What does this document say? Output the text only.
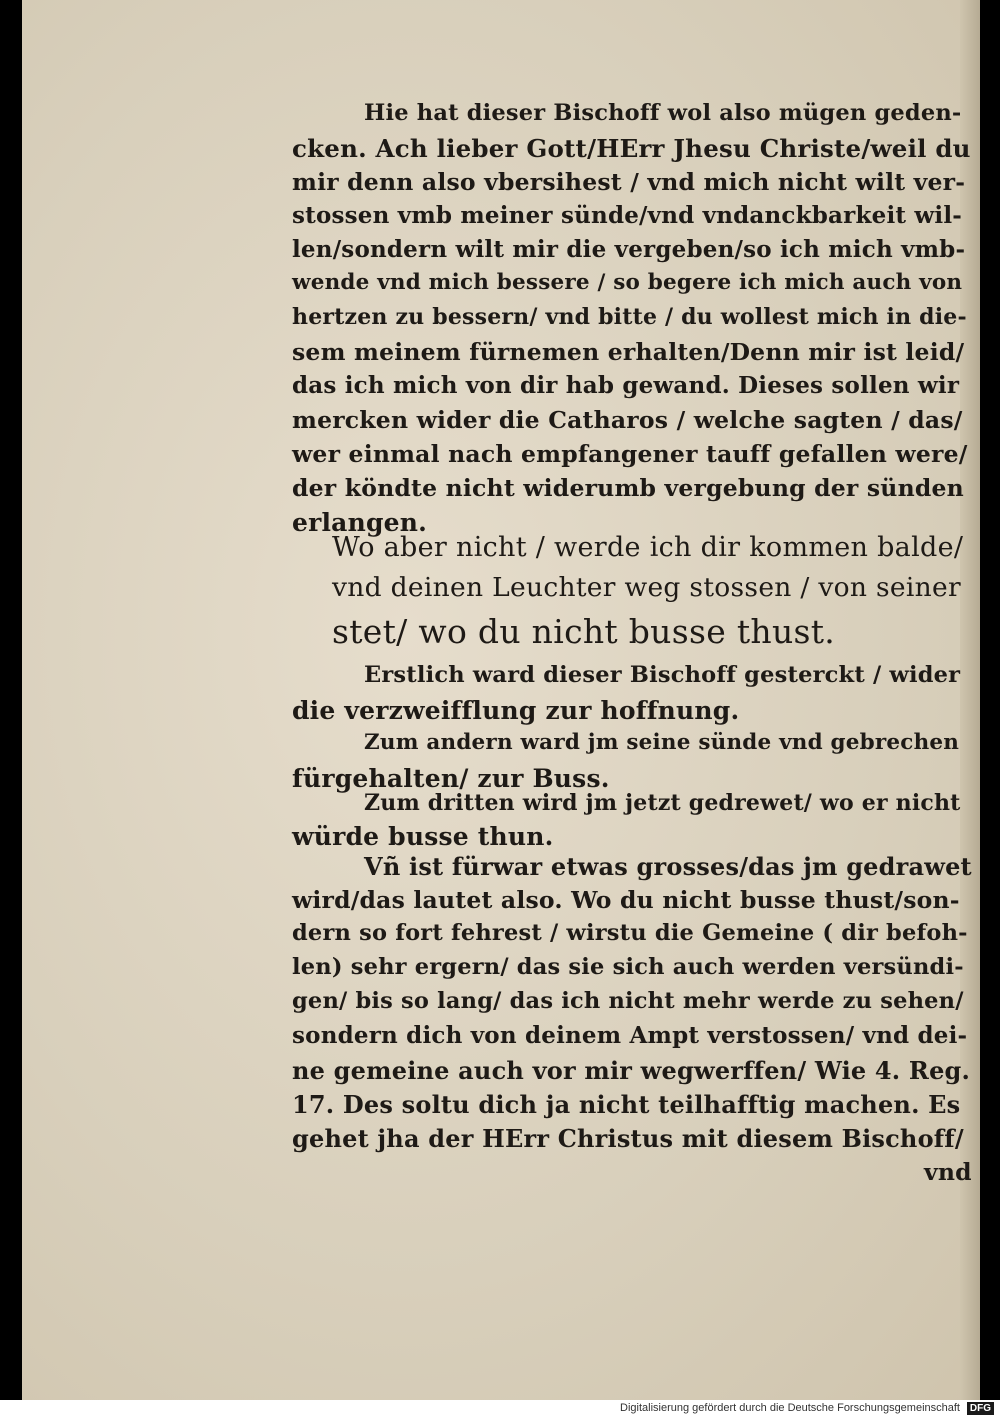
Hie hat dieser Bischoff wol also mügen geden-
cken. Ach lieber Gott/HErr Jhesu Christe/weil du
mir denn also vbersihest / vnd mich nicht wilt ver-
stossen vmb meiner sünde/vnd vndanckbarkeit wil-
len/sondern wilt mir die vergeben/so ich mich vmb-
wende vnd mich bessere / so begere ich mich auch von
hertzen zu bessern/ vnd bitte / du wollest mich in die-
sem meinem fürnemen erhalten/Denn mir ist leid/
das ich mich von dir hab gewand. Dieses sollen wir
mercken wider die Catharos / welche sagten / das/
wer einmal nach empfangener tauff gefallen were/
der köndte nicht widerumb vergebung der sünden
erlangen.
Wo aber nicht / werde ich dir kommen balde/
vnd deinen Leuchter weg stossen / von seiner
stet/ wo du nicht busse thust.
Erstlich ward dieser Bischoff gesterckt / wider
die verzweifflung zur hoffnung.
Zum andern ward jm seine sünde vnd gebrechen
fürgehalten/ zur Buss.
Zum dritten wird jm jetzt gedrewet/ wo er nicht
würde busse thun.
Vñ ist fürwar etwas grosses/das jm gedrawet
wird/das lautet also. Wo du nicht busse thust/son-
dern so fort fehrest / wirstu die Gemeine ( dir befoh-
len) sehr ergern/ das sie sich auch werden versündi-
gen/ bis so lang/ das ich nicht mehr werde zu sehen/
sondern dich von deinem Ampt verstossen/ vnd dei-
ne gemeine auch vor mir wegwerffen/ Wie 4. Reg.
17. Des soltu dich ja nicht teilhafftig machen. Es
gehet jha der HErr Christus mit diesem Bischoff/
vnd
Digitalisierung gefördert durch die Deutsche Forschungsgemeinschaft DFG
